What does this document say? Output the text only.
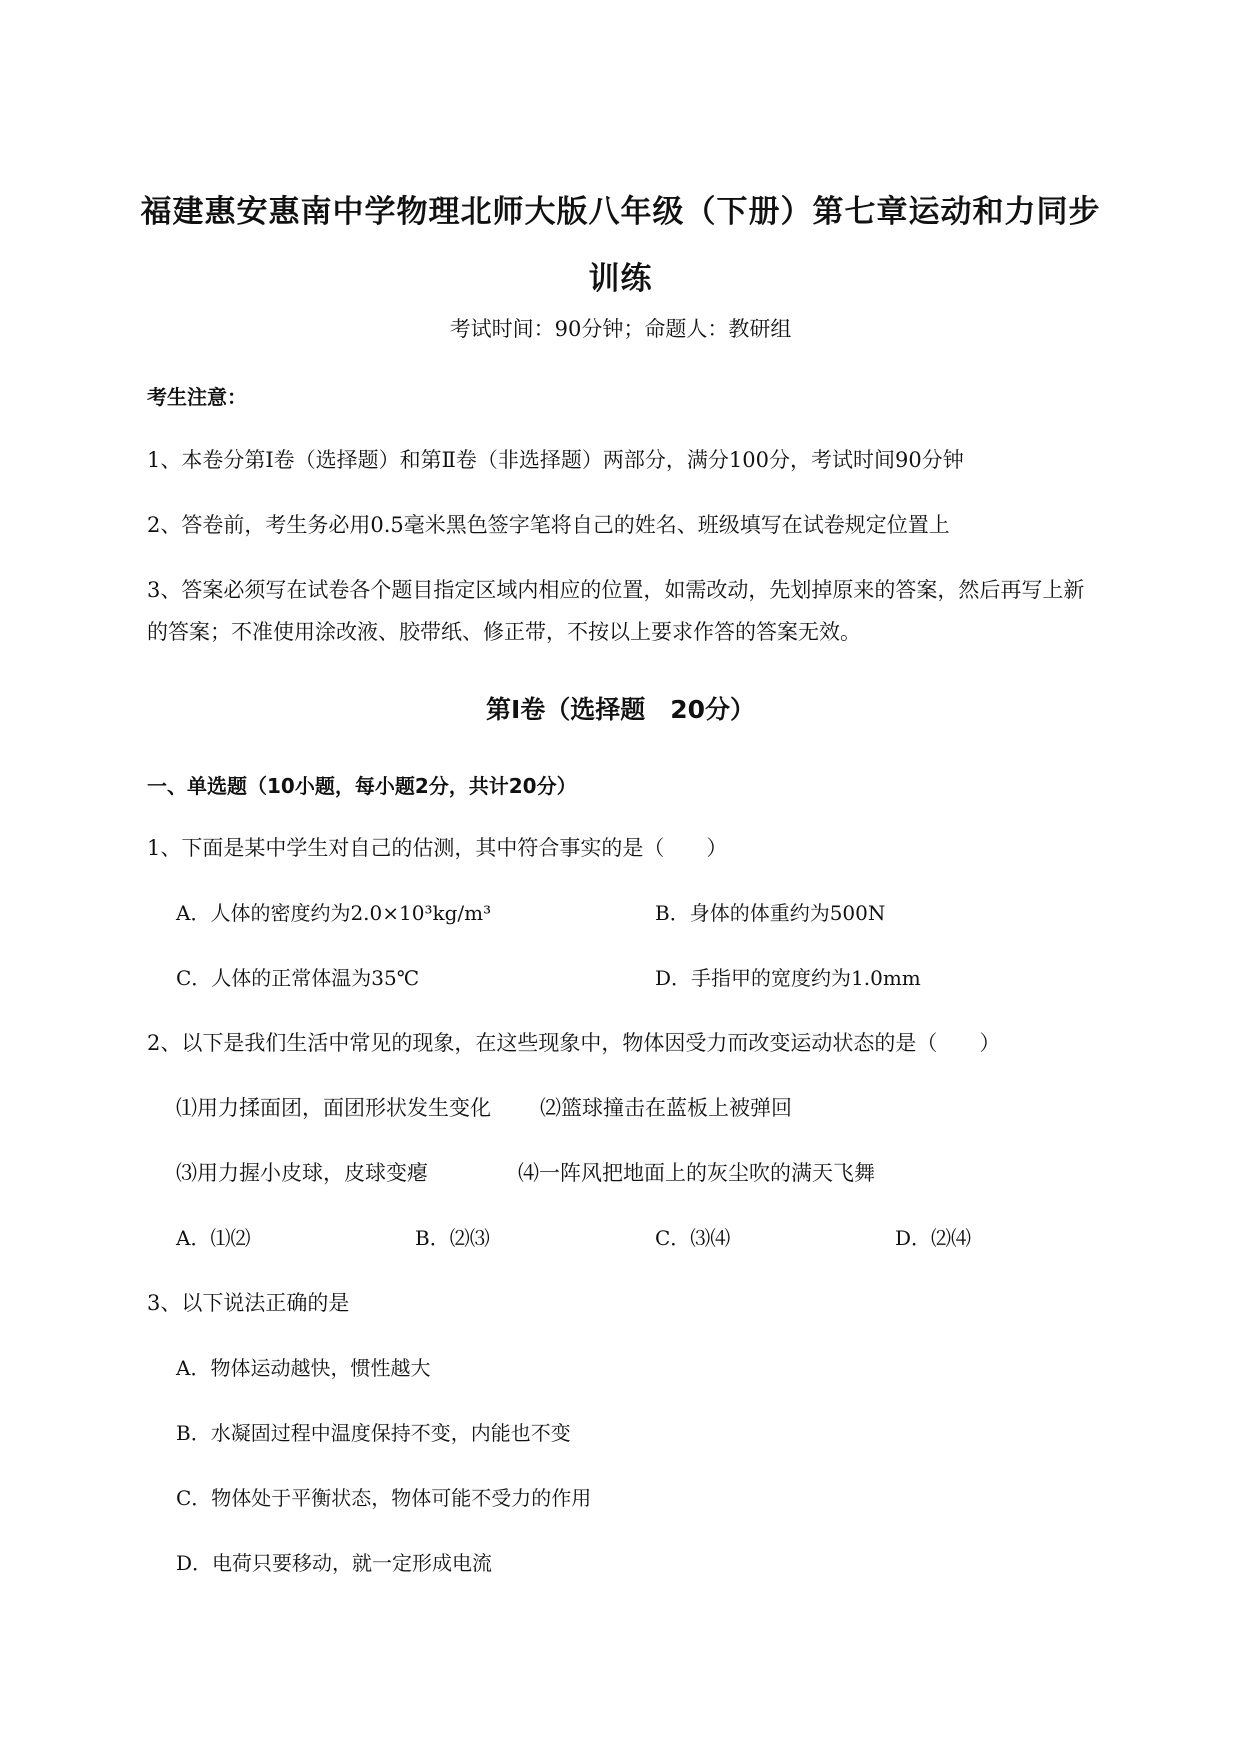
福建惠安惠南中学物理北师大版八年级（下册）第七章运动和力同步
训练
考试时间：90分钟；命题人：教研组
考生注意：
1、本卷分第Ⅰ卷（选择题）和第Ⅱ卷（非选择题）两部分，满分100分，考试时间90分钟
2、答卷前，考生务必用0.5毫米黑色签字笔将自己的姓名、班级填写在试卷规定位置上
3、答案必须写在试卷各个题目指定区域内相应的位置，如需改动，先划掉原来的答案，然后再写上新
的答案；不准使用涂改液、胶带纸、修正带，不按以上要求作答的答案无效。
第Ⅰ卷（选择题　20分）
一、单选题（10小题，每小题2分，共计20分）
1、下面是某中学生对自己的估测，其中符合事实的是（　　）
A．人体的密度约为2.0×10³kg/m³	B．身体的体重约为500N
C．人体的正常体温为35℃	D．手指甲的宽度约为1.0mm
2、以下是我们生活中常见的现象，在这些现象中，物体因受力而改变运动状态的是（　　）
⑴用力揉面团，面团形状发生变化 ⑵篮球撞击在蓝板上被弹回
⑶用力握小皮球，皮球变瘪	⑷一阵风把地面上的灰尘吹的满天飞舞
A．⑴⑵	B．⑵⑶	C．⑶⑷	D．⑵⑷
3、以下说法正确的是
A．物体运动越快，惯性越大
B．水凝固过程中温度保持不变，内能也不变
C．物体处于平衡状态，物体可能不受力的作用
D．电荷只要移动，就一定形成电流
